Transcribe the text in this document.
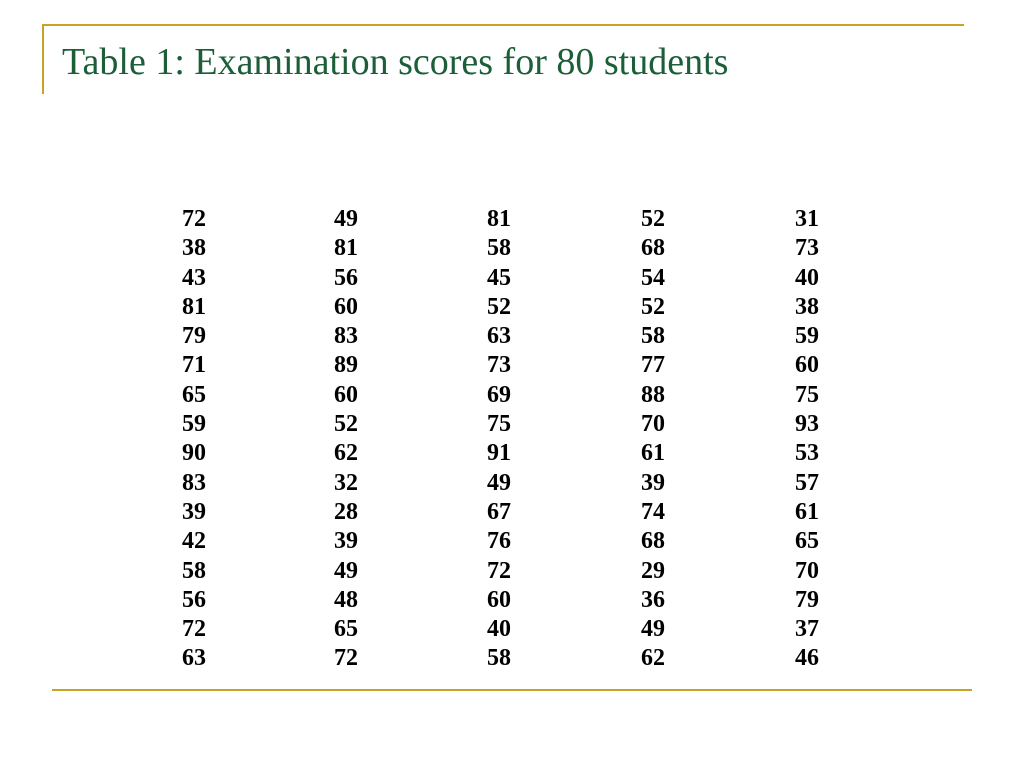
Table 1: Examination scores for 80 students
72
38
43
81
79
71
65
59
90
83
39
42
58
56
72
63
49
81
56
60
83
89
60
52
62
32
28
39
49
48
65
72
81
58
45
52
63
73
69
75
91
49
67
76
72
60
40
58
52
68
54
52
58
77
88
70
61
39
74
68
29
36
49
62
31
73
40
38
59
60
75
93
53
57
61
65
70
79
37
46
